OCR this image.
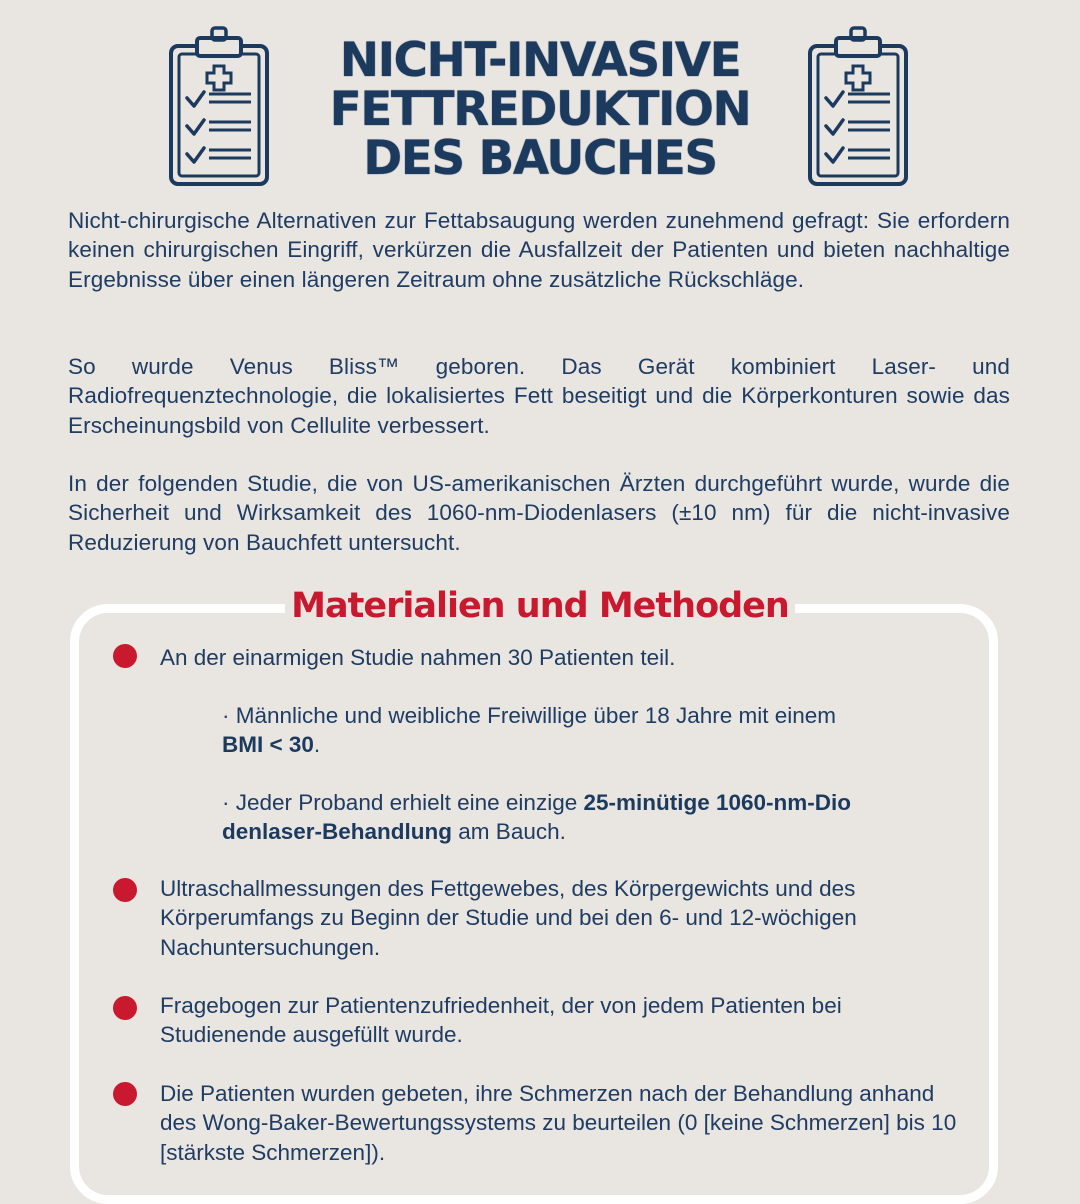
NICHT-INVASIVE
FETTREDUKTION
DES BAUCHES

Nicht-chirurgische Alternativen zur Fettabsaugung werden zunehmend gefragt: Sie erfordern keinen chirurgischen Eingriff, verkürzen die Ausfallzeit der Patienten und bieten nachhaltige Ergebnisse über einen längeren Zeitraum ohne zusätzliche Rückschläge.

So wurde Venus Bliss™ geboren. Das Gerät kombiniert Laser- und Radiofrequenztechnologie, die lokalisiertes Fett beseitigt und die Körperkonturen sowie das Erscheinungsbild von Cellulite verbessert.

In der folgenden Studie, die von US-amerikanischen Ärzten durchgeführt wurde, wurde die Sicherheit und Wirksamkeit des 1060-nm-Diodenlasers (±10 nm) für die nicht-invasive Reduzierung von Bauchfett untersucht.

Materialien und Methoden

An der einarmigen Studie nahmen 30 Patienten teil.

· Männliche und weibliche Freiwillige über 18 Jahre mit einem
BMI < 30.

· Jeder Proband erhielt eine einzige 25-minütige 1060-nm-Dio
denlaser-Behandlung am Bauch.

Ultraschallmessungen des Fettgewebes, des Körpergewichts und des Körperumfangs zu Beginn der Studie und bei den 6- und 12-wöchigen Nachuntersuchungen.

Fragebogen zur Patientenzufriedenheit, der von jedem Patienten bei Studienende ausgefüllt wurde.

Die Patienten wurden gebeten, ihre Schmerzen nach der Behandlung anhand des Wong-Baker-Bewertungssystems zu beurteilen (0 [keine Schmerzen] bis 10 [stärkste Schmerzen]).
